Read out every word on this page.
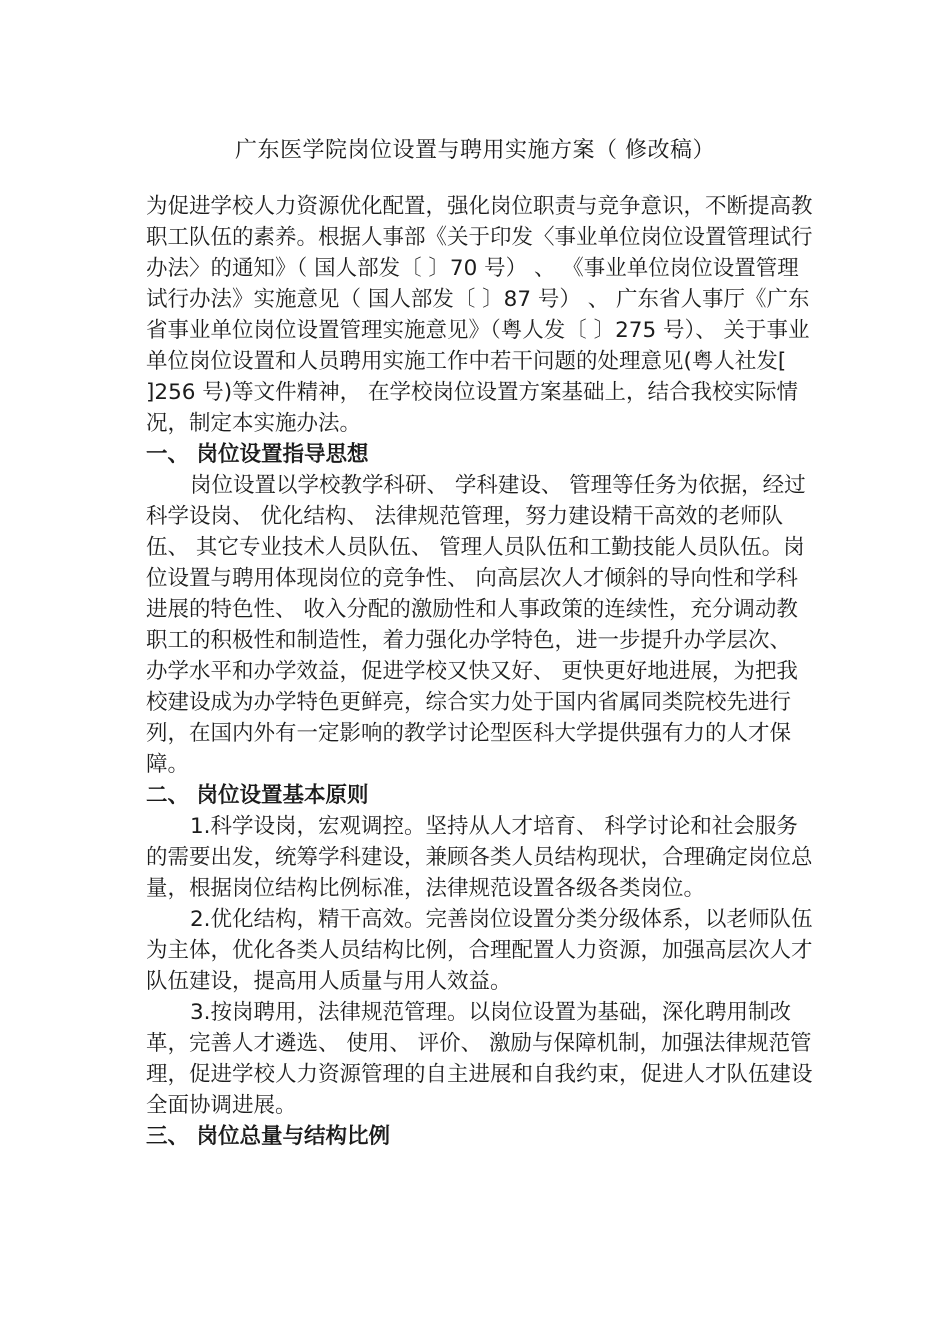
广东医学院岗位设置与聘用实施方案（ 修改稿）

为促进学校人力资源优化配置，强化岗位职责与竞争意识，不断提高教职工队伍的素养。根据人事部《关于印发〈事业单位岗位设置管理试行办法〉的通知》（ 国人部发〔 〕70 号） 、 《事业单位岗位设置管理试行办法》实施意见（ 国人部发〔 〕87 号） 、 广东省人事厅《广东省事业单位岗位设置管理实施意见》（粤人发〔 〕275 号）、 关于事业单位岗位设置和人员聘用实施工作中若干问题的处理意见(粤人社发[ ]256 号)等文件精神， 在学校岗位设置方案基础上，结合我校实际情况，制定本实施办法。

一、 岗位设置指导思想

岗位设置以学校教学科研、 学科建设、 管理等任务为依据，经过科学设岗、 优化结构、 法律规范管理，努力建设精干高效的老师队伍、 其它专业技术人员队伍、 管理人员队伍和工勤技能人员队伍。岗位设置与聘用体现岗位的竞争性、 向高层次人才倾斜的导向性和学科进展的特色性、 收入分配的激励性和人事政策的连续性，充分调动教职工的积极性和制造性，着力强化办学特色，进一步提升办学层次、 办学水平和办学效益，促进学校又快又好、 更快更好地进展，为把我校建设成为办学特色更鲜亮，综合实力处于国内省属同类院校先进行列，在国内外有一定影响的教学讨论型医科大学提供强有力的人才保障。

二、 岗位设置基本原则

1.科学设岗，宏观调控。坚持从人才培育、 科学讨论和社会服务的需要出发，统筹学科建设，兼顾各类人员结构现状，合理确定岗位总量，根据岗位结构比例标准，法律规范设置各级各类岗位。

2.优化结构，精干高效。完善岗位设置分类分级体系，以老师队伍为主体，优化各类人员结构比例，合理配置人力资源，加强高层次人才队伍建设，提高用人质量与用人效益。

3.按岗聘用，法律规范管理。以岗位设置为基础，深化聘用制改革，完善人才遴选、 使用、 评价、 激励与保障机制，加强法律规范管理，促进学校人力资源管理的自主进展和自我约束，促进人才队伍建设全面协调进展。

三、 岗位总量与结构比例
